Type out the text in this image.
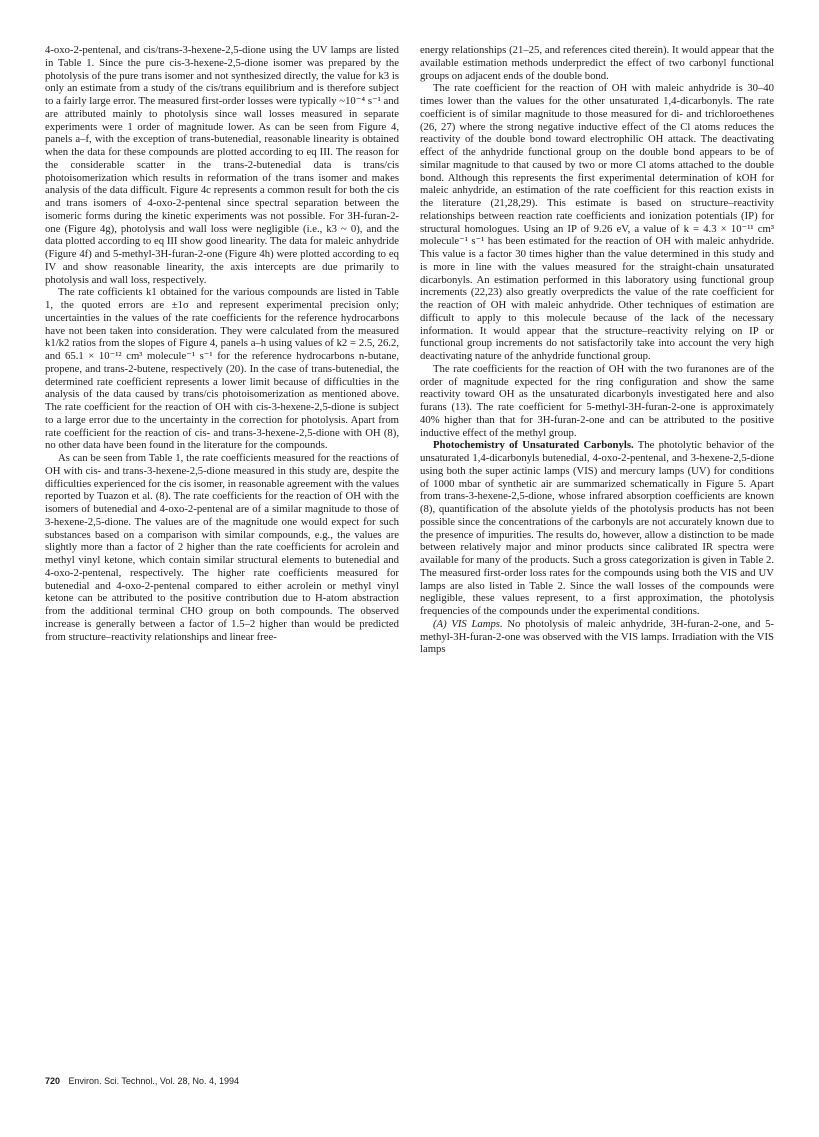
4-oxo-2-pentenal, and cis/trans-3-hexene-2,5-dione using the UV lamps are listed in Table 1. Since the pure cis-3-hexene-2,5-dione isomer was prepared by the photolysis of the pure trans isomer and not synthesized directly, the value for k3 is only an estimate from a study of the cis/trans equilibrium and is therefore subject to a fairly large error. The measured first-order losses were typically ~10⁻⁴ s⁻¹ and are attributed mainly to photolysis since wall losses measured in separate experiments were 1 order of magnitude lower. As can be seen from Figure 4, panels a–f, with the exception of trans-butenedial, reasonable linearity is obtained when the data for these compounds are plotted according to eq III. The reason for the considerable scatter in the trans-2-butenedial data is trans/cis photoisomerization which results in reformation of the trans isomer and makes analysis of the data difficult. Figure 4c represents a common result for both the cis and trans isomers of 4-oxo-2-pentenal since spectral separation between the isomeric forms during the kinetic experiments was not possible. For 3H-furan-2-one (Figure 4g), photolysis and wall loss were negligible (i.e., k3 ~ 0), and the data plotted according to eq III show good linearity. The data for maleic anhydride (Figure 4f) and 5-methyl-3H-furan-2-one (Figure 4h) were plotted according to eq IV and show reasonable linearity, the axis intercepts are due primarily to photolysis and wall loss, respectively.

The rate cofficients k1 obtained for the various compounds are listed in Table 1, the quoted errors are ±1σ and represent experimental precision only; uncertainties in the values of the rate coefficients for the reference hydrocarbons have not been taken into consideration. They were calculated from the measured k1/k2 ratios from the slopes of Figure 4, panels a–h using values of k2 = 2.5, 26.2, and 65.1 × 10⁻¹² cm³ molecule⁻¹ s⁻¹ for the reference hydrocarbons n-butane, propene, and trans-2-butene, respectively (20). In the case of trans-butenedial, the determined rate coefficient represents a lower limit because of difficulties in the analysis of the data caused by trans/cis photoisomerization as mentioned above. The rate coefficient for the reaction of OH with cis-3-hexene-2,5-dione is subject to a large error due to the uncertainty in the correction for photolysis. Apart from rate coefficient for the reaction of cis- and trans-3-hexene-2,5-dione with OH (8), no other data have been found in the literature for the compounds.

As can be seen from Table 1, the rate coefficients measured for the reactions of OH with cis- and trans-3-hexene-2,5-dione measured in this study are, despite the difficulties experienced for the cis isomer, in reasonable agreement with the values reported by Tuazon et al. (8). The rate coefficients for the reaction of OH with the isomers of butenedial and 4-oxo-2-pentenal are of a similar magnitude to those of 3-hexene-2,5-dione. The values are of the magnitude one would expect for such substances based on a comparison with similar compounds, e.g., the values are slightly more than a factor of 2 higher than the rate coefficients for acrolein and methyl vinyl ketone, which contain similar structural elements to butenedial and 4-oxo-2-pentenal, respectively. The higher rate coefficients measured for butenedial and 4-oxo-2-pentenal compared to either acrolein or methyl vinyl ketone can be attributed to the positive contribution due to H-atom abstraction from the additional terminal CHO group on both compounds. The observed increase is generally between a factor of 1.5–2 higher than would be predicted from structure–reactivity relationships and linear free-

energy relationships (21–25, and references cited therein). It would appear that the available estimation methods underpredict the effect of two carbonyl functional groups on adjacent ends of the double bond.

The rate coefficient for the reaction of OH with maleic anhydride is 30–40 times lower than the values for the other unsaturated 1,4-dicarbonyls. The rate coefficient is of similar magnitude to those measured for di- and trichloroethenes (26, 27) where the strong negative inductive effect of the Cl atoms reduces the reactivity of the double bond toward electrophilic OH attack. The deactivating effect of the anhydride functional group on the double bond appears to be of similar magnitude to that caused by two or more Cl atoms attached to the double bond. Although this represents the first experimental determination of kOH for maleic anhydride, an estimation of the rate coefficient for this reaction exists in the literature (21,28,29). This estimate is based on structure–reactivity relationships between reaction rate coefficients and ionization potentials (IP) for structural homologues. Using an IP of 9.26 eV, a value of k = 4.3 × 10⁻¹¹ cm³ molecule⁻¹ s⁻¹ has been estimated for the reaction of OH with maleic anhydride. This value is a factor 30 times higher than the value determined in this study and is more in line with the values measured for the straight-chain unsaturated dicarbonyls. An estimation performed in this laboratory using functional group increments (22,23) also greatly overpredicts the value of the rate coefficient for the reaction of OH with maleic anhydride. Other techniques of estimation are difficult to apply to this molecule because of the lack of the necessary information. It would appear that the structure–reactivity relying on IP or functional group increments do not satisfactorily take into account the very high deactivating nature of the anhydride functional group.

The rate coefficients for the reaction of OH with the two furanones are of the order of magnitude expected for the ring configuration and show the same reactivity toward OH as the unsaturated dicarbonyls investigated here and also furans (13). The rate coefficient for 5-methyl-3H-furan-2-one is approximately 40% higher than that for 3H-furan-2-one and can be attributed to the positive inductive effect of the methyl group.

Photochemistry of Unsaturated Carbonyls. The photolytic behavior of the unsaturated 1,4-dicarbonyls butenedial, 4-oxo-2-pentenal, and 3-hexene-2,5-dione using both the super actinic lamps (VIS) and mercury lamps (UV) for conditions of 1000 mbar of synthetic air are summarized schematically in Figure 5. Apart from trans-3-hexene-2,5-dione, whose infrared absorption coefficients are known (8), quantification of the absolute yields of the photolysis products has not been possible since the concentrations of the carbonyls are not accurately known due to the presence of impurities. The results do, however, allow a distinction to be made between relatively major and minor products since calibrated IR spectra were available for many of the products. Such a gross categorization is given in Table 2. The measured first-order loss rates for the compounds using both the VIS and UV lamps are also listed in Table 2. Since the wall losses of the compounds were negligible, these values represent, to a first approximation, the photolysis frequencies of the compounds under the experimental conditions.

(A) VIS Lamps. No photolysis of maleic anhydride, 3H-furan-2-one, and 5-methyl-3H-furan-2-one was observed with the VIS lamps. Irradiation with the VIS lamps

720 Environ. Sci. Technol., Vol. 28, No. 4, 1994
